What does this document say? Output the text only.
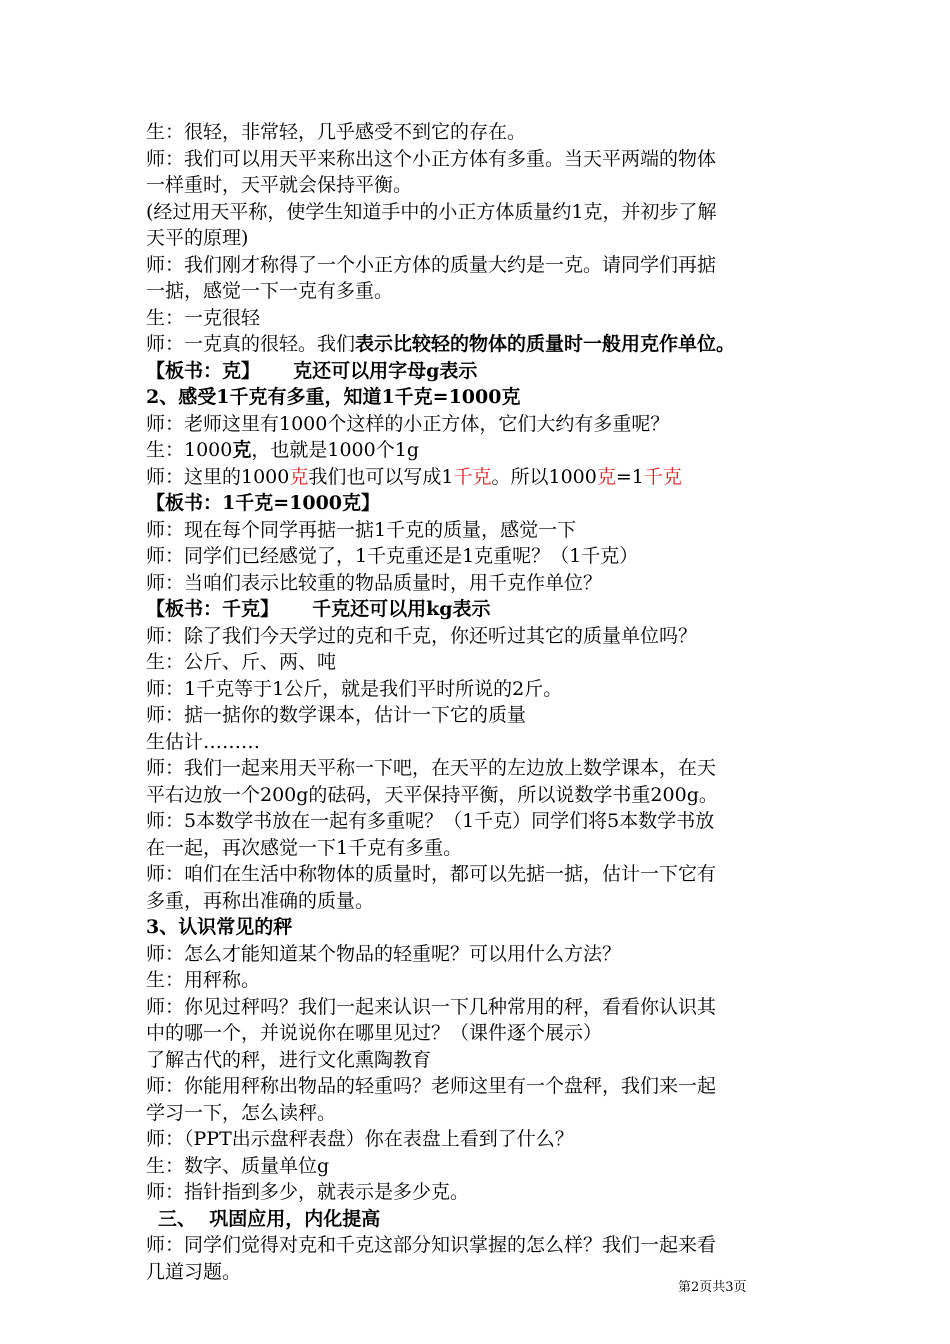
生：很轻，非常轻，几乎感受不到它的存在。
师：我们可以用天平来称出这个小正方体有多重。当天平两端的物体
一样重时，天平就会保持平衡。
(经过用天平称，使学生知道手中的小正方体质量约1克，并初步了解
天平的原理)
师：我们刚才称得了一个小正方体的质量大约是一克。请同学们再掂
一掂，感觉一下一克有多重。
生：一克很轻
师：一克真的很轻。我们表示比较轻的物体的质量时一般用克作单位。
【板书：克】     克还可以用字母g表示
2、感受1千克有多重，知道1千克=1000克
师：老师这里有1000个这样的小正方体，它们大约有多重呢？
生：1000克，也就是1000个1g
师：这里的1000克我们也可以写成1千克。所以1000克=1千克
【板书：1千克=1000克】
师：现在每个同学再掂一掂1千克的质量，感觉一下
师：同学们已经感觉了，1千克重还是1克重呢？（1千克）
师：当咱们表示比较重的物品质量时，用千克作单位？
【板书：千克】     千克还可以用kg表示
师：除了我们今天学过的克和千克，你还听过其它的质量单位吗？
生：公斤、斤、两、吨
师：1千克等于1公斤，就是我们平时所说的2斤。
师：掂一掂你的数学课本，估计一下它的质量
生估计………
师：我们一起来用天平称一下吧，在天平的左边放上数学课本，在天
平右边放一个200g的砝码，天平保持平衡，所以说数学书重200g。
师：5本数学书放在一起有多重呢？（1千克）同学们将5本数学书放
在一起，再次感觉一下1千克有多重。
师：咱们在生活中称物体的质量时，都可以先掂一掂，估计一下它有
多重，再称出准确的质量。
3、认识常见的秤
师：怎么才能知道某个物品的轻重呢？可以用什么方法？
生：用秤称。
师：你见过秤吗？我们一起来认识一下几种常用的秤，看看你认识其
中的哪一个，并说说你在哪里见过？（课件逐个展示）
了解古代的秤，进行文化熏陶教育
师：你能用秤称出物品的轻重吗？老师这里有一个盘秤，我们来一起
学习一下，怎么读秤。
师：（PPT出示盘秤表盘）你在表盘上看到了什么？
生：数字、质量单位g
师：指针指到多少，就表示是多少克。
三、  巩固应用，内化提高
师：同学们觉得对克和千克这部分知识掌握的怎么样？我们一起来看
几道习题。
第2页共3页
